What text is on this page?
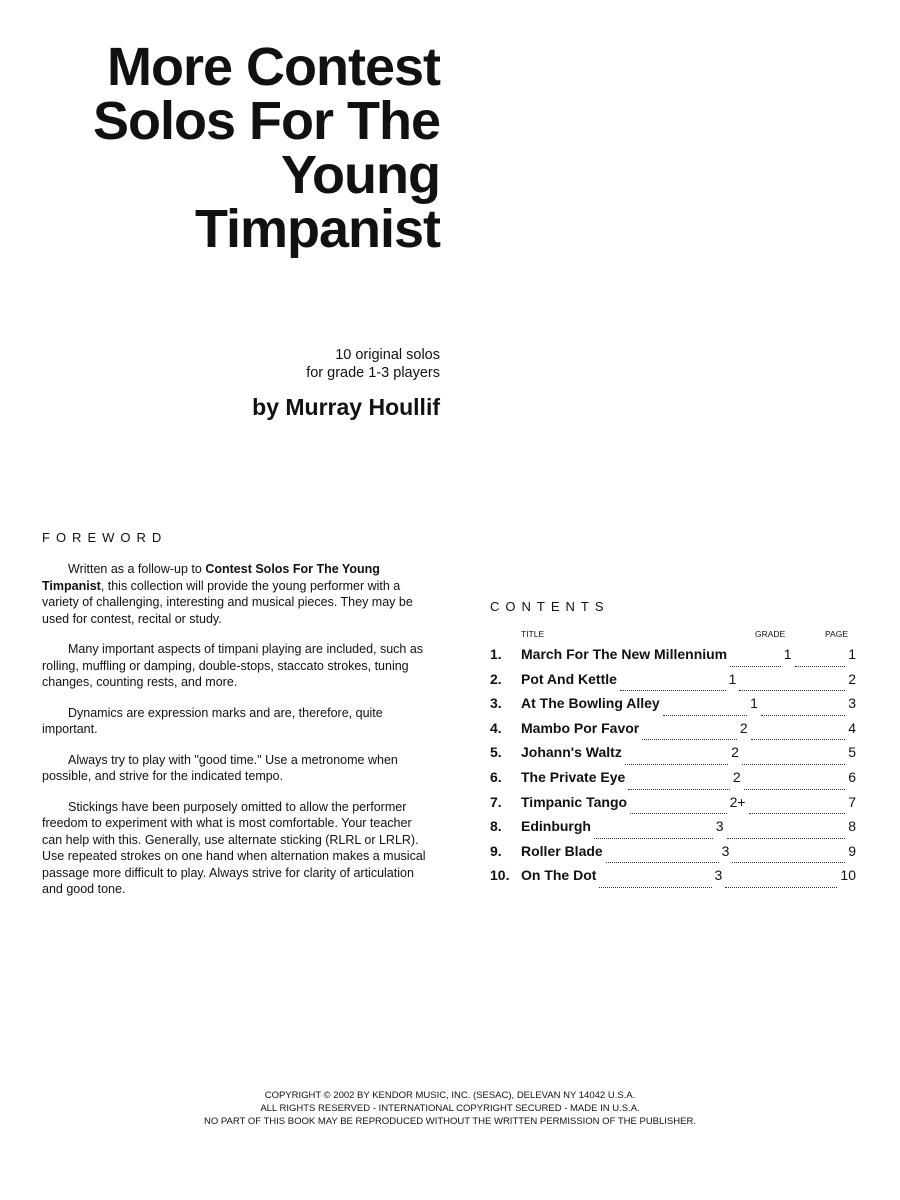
More Contest
Solos For The
Young
Timpanist
10 original solos
for grade 1-3 players
by Murray Houllif
FOREWORD

Written as a follow-up to Contest Solos For The Young Timpanist, this collection will provide the young performer with a variety of challenging, interesting and musical pieces. They may be used for contest, recital or study.

Many important aspects of timpani playing are included, such as rolling, muffling or damping, double-stops, staccato strokes, tuning changes, counting rests, and more.

Dynamics are expression marks and are, therefore, quite important.

Always try to play with "good time." Use a metronome when possible, and strive for the indicated tempo.

Stickings have been purposely omitted to allow the performer freedom to experiment with what is most comfortable. Your teacher can help with this. Generally, use alternate sticking (RLRL or LRLR). Use repeated strokes on one hand when alternation makes a musical passage more difficult to play. Always strive for clarity of articulation and good tone.

CONTENTS
TITLE	GRADE	PAGE
1.	March For The New Millennium	1	1
2.	Pot And Kettle	1	2
3.	At The Bowling Alley	1	3
4.	Mambo Por Favor	2	4
5.	Johann's Waltz	2	5
6.	The Private Eye	2	6
7.	Timpanic Tango	2+	7
8.	Edinburgh	3	8
9.	Roller Blade	3	9
10. On The Dot	3	10
COPYRIGHT © 2002 BY KENDOR MUSIC, INC. (SESAC), DELEVAN NY 14042 U.S.A.
ALL RIGHTS RESERVED - INTERNATIONAL COPYRIGHT SECURED - MADE IN U.S.A.
NO PART OF THIS BOOK MAY BE REPRODUCED WITHOUT THE WRITTEN PERMISSION OF THE PUBLISHER.
